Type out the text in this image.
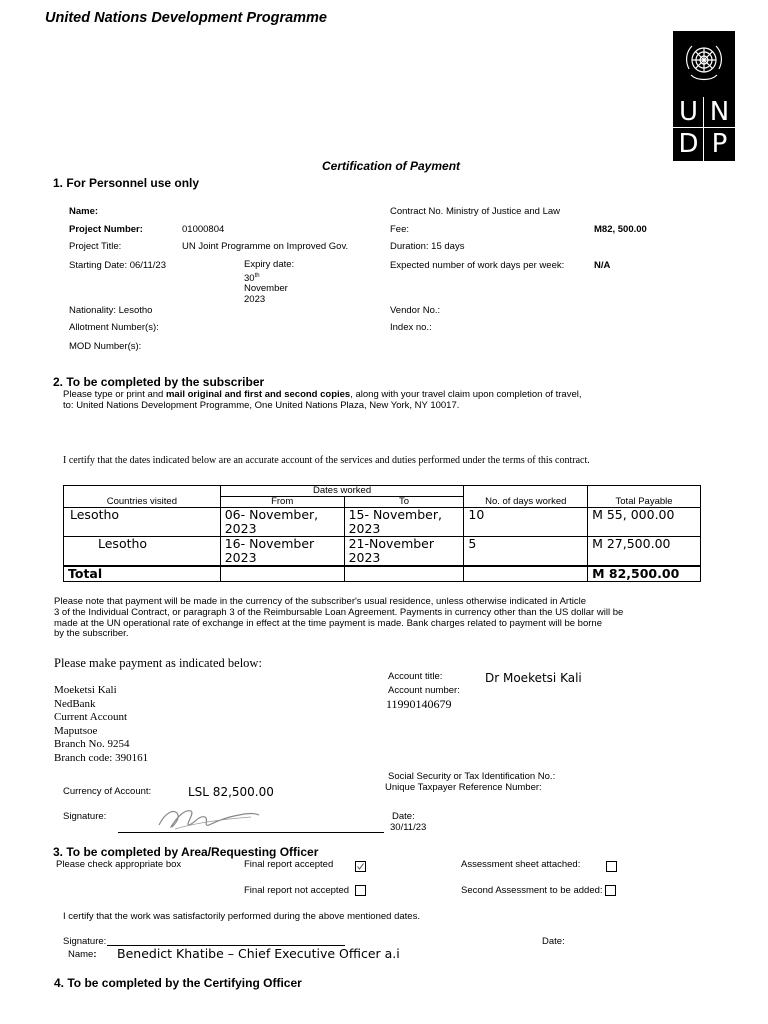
United Nations Development Programme
U N
D P
Certification of Payment
1. For Personnel use only
Name:
Project Number:	01000804
Project Title:	UN Joint Programme on Improved Gov.
Starting Date: 06/11/23	Expiry date:
30th
November
2023
Nationality: Lesotho
Allotment Number(s):
MOD Number(s):
Contract No. Ministry of Justice and Law
Fee:	M82, 500.00
Duration: 15 days
Expected number of work days per week:	N/A
Vendor No.:
Index no.:
2. To be completed by the subscriber
Please type or print and mail original and first and second copies, along with your travel claim upon completion of travel,
to: United Nations Development Programme, One United Nations Plaza, New York, NY 10017.
I certify that the dates indicated below are an accurate account of the services and duties performed under the terms of this contract.
Countries visited	Dates worked		No. of days worked	Total Payable
	From	To		
Lesotho	06- November, 2023	15- November, 2023	10	M 55, 000.00
Lesotho	16- November 2023	21-November 2023	5	M 27,500.00
Total				M 82,500.00
Please note that payment will be made in the currency of the subscriber's usual residence, unless otherwise indicated in Article
3 of the Individual Contract, or paragraph 3 of the Reimbursable Loan Agreement. Payments in currency other than the US dollar will be
made at the UN operational rate of exchange in effect at the time payment is made. Bank charges related to payment will be borne
by the subscriber.
Please make payment as indicated below:
Moeketsi Kali
NedBank
Current Account
Maputsoe
Branch No. 9254
Branch code: 390161
Account title:	Dr Moeketsi Kali
Account number:
11990140679
Currency of Account:	LSL 82,500.00
Social Security or Tax Identification No.:
Unique Taxpayer Reference Number:
Signature:	Date:
30/11/23
3. To be completed by Area/Requesting Officer
Please check appropriate box	Final report accepted
Final report not accepted
Assessment sheet attached:
Second Assessment to be added:
I certify that the work was satisfactorily performed during the above mentioned dates.
Signature:	Date:
Name: Benedict Khatibe – Chief Executive Officer a.i
4. To be completed by the Certifying Officer
